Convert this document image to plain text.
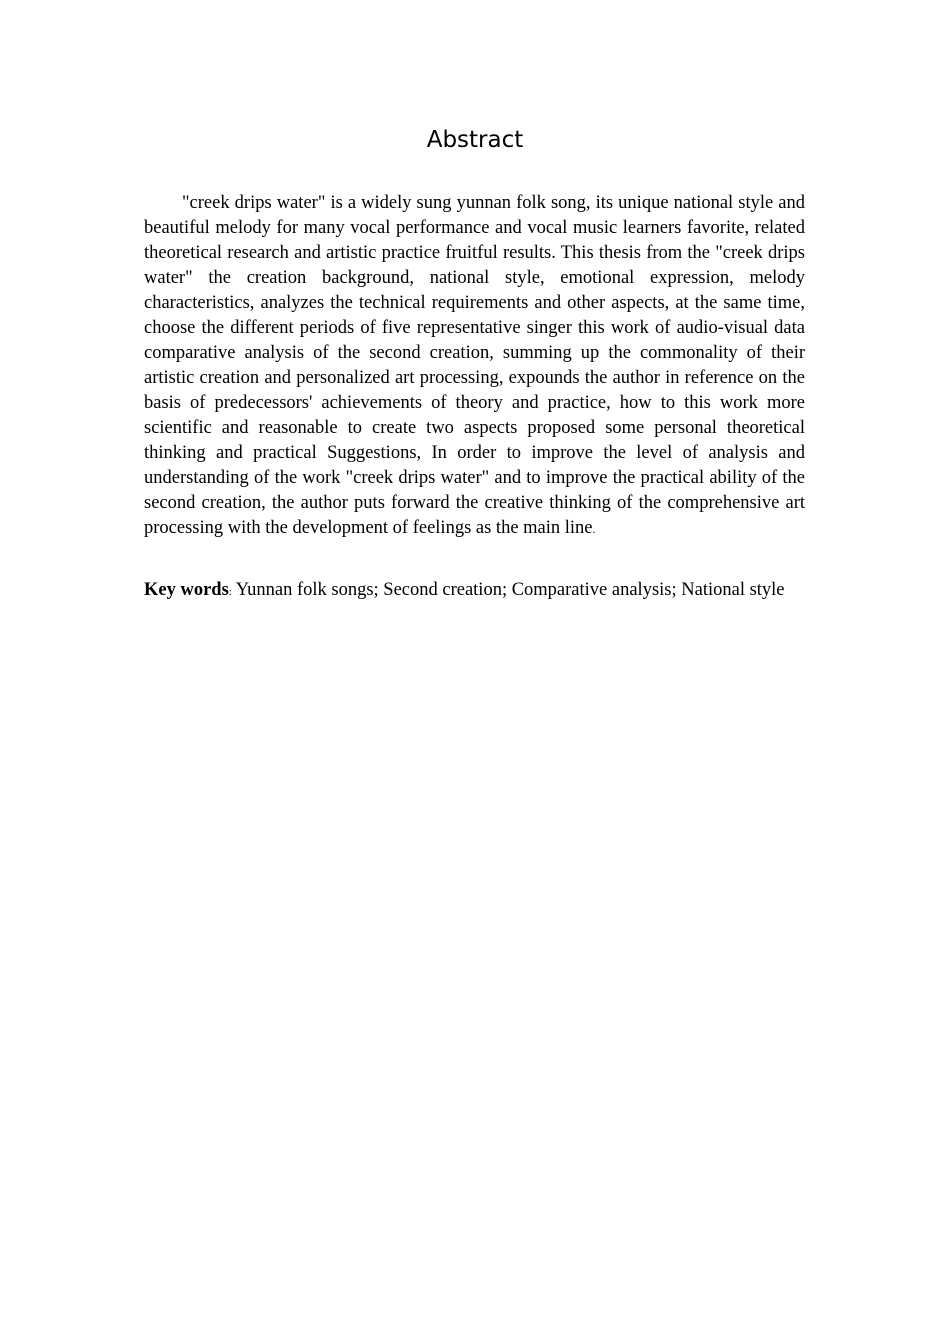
Abstract

"creek drips water" is a widely sung yunnan folk song, its unique national style and beautiful melody for many vocal performance and vocal music learners favorite, related theoretical research and artistic practice fruitful results. This thesis from the "creek drips water" the creation background, national style, emotional expression, melody characteristics, analyzes the technical requirements and other aspects, at the same time, choose the different periods of five representative singer this work of audio-visual data comparative analysis of the second creation, summing up the commonality of their artistic creation and personalized art processing, expounds the author in reference on the basis of predecessors' achievements of theory and practice, how to this work more scientific and reasonable to create two aspects proposed some personal theoretical thinking and practical Suggestions, In order to improve the level of analysis and understanding of the work "creek drips water" and to improve the practical ability of the second creation, the author puts forward the creative thinking of the comprehensive art processing with the development of feelings as the main line.

Key words: Yunnan folk songs; Second creation; Comparative analysis; National style
